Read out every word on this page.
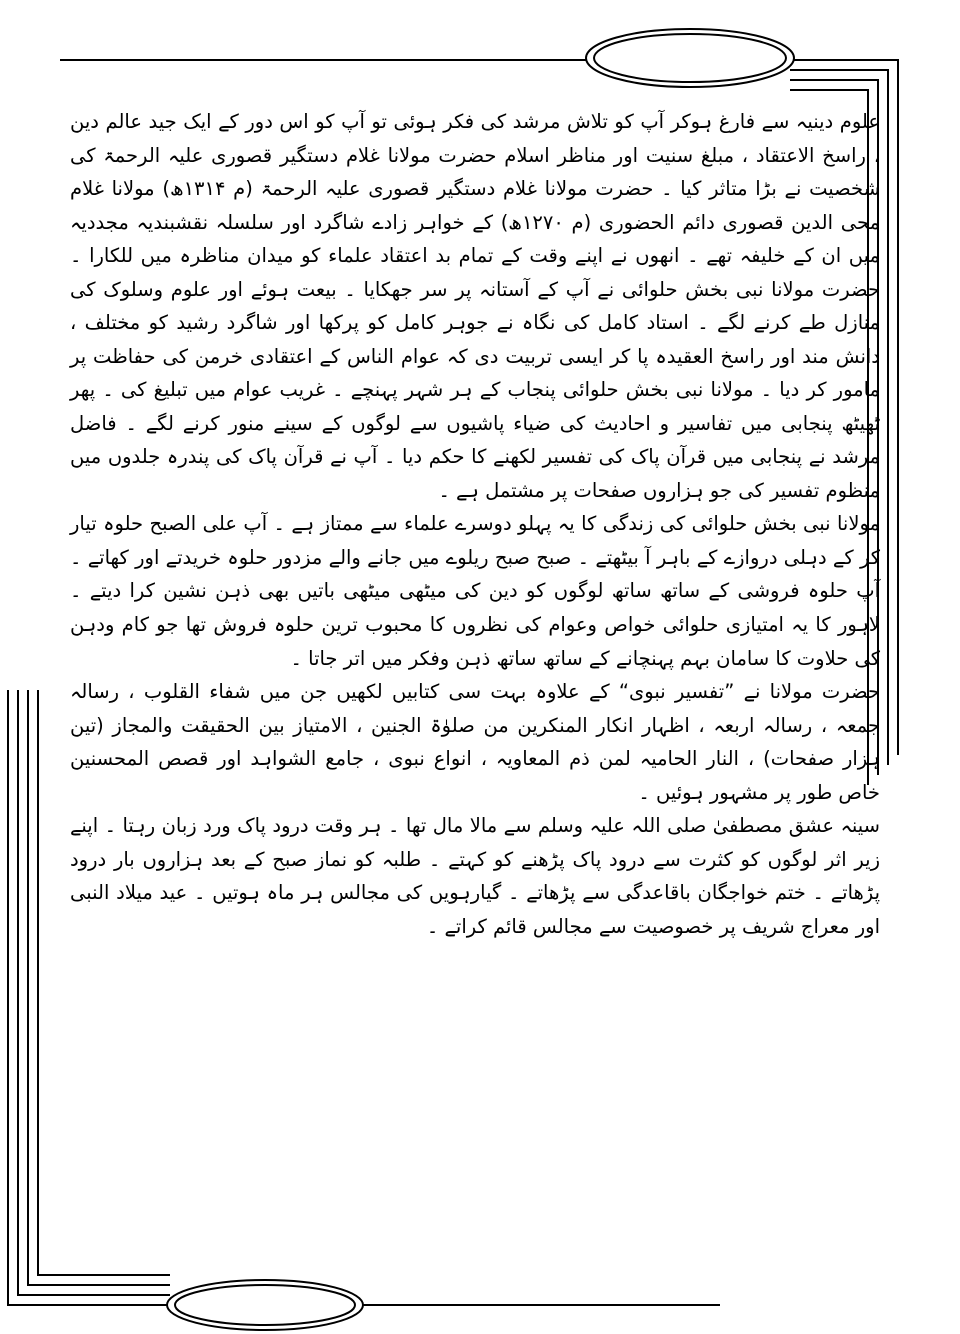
علوم دینیہ سے فارغ ہوکر آپ کو تلاش مرشد کی فکر ہوئی تو آپ کو اس دور کے ایک جید عالم دین ، راسخ الاعتقاد ، مبلغ سنیت اور مناظر اسلام حضرت مولانا غلام دستگیر قصوری علیہ الرحمۃ کی شخصیت نے بڑا متاثر کیا ۔ حضرت مولانا غلام دستگیر قصوری علیہ الرحمۃ (م ۱۳۱۴ھ) مولانا غلام محی الدین قصوری دائم الحضوری (م ۱۲۷۰ھ) کے خواہر زادے شاگرد اور سلسلہ نقشبندیہ مجددیہ میں ان کے خلیفہ تھے ۔ انھوں نے اپنے وقت کے تمام بد اعتقاد علماء کو میدان مناظرہ میں للکارا ۔ حضرت مولانا نبی بخش حلوائی نے آپ کے آستانہ پر سر جھکایا ۔ بیعت ہوئے اور علوم وسلوک کی منازل طے کرنے لگے ۔ استاد کامل کی نگاہ نے جوہر کامل کو پرکھا اور شاگرد رشید کو مختلف ، دانش مند اور راسخ العقیدہ پا کر ایسی تربیت دی کہ عوام الناس کے اعتقادی خرمن کی حفاظت پر مامور کر دیا ۔ مولانا نبی بخش حلوائی پنجاب کے ہر شہر پہنچے ۔ غریب عوام میں تبلیغ کی ۔ پھر ٹھیٹھ پنجابی میں تفاسیر و احادیث کی ضیاء پاشیوں سے لوگوں کے سینے منور کرنے لگے ۔ فاضل مرشد نے پنجابی میں قرآن پاک کی تفسیر لکھنے کا حکم دیا ۔ آپ نے قرآن پاک کی پندرہ جلدوں میں منظوم تفسیر کی جو ہزاروں صفحات پر مشتمل ہے ۔

مولانا نبی بخش حلوائی کی زندگی کا یہ پہلو دوسرے علماء سے ممتاز ہے ۔ آپ علی الصبح حلوہ تیار کر کے دہلی دروازے کے باہر آ بیٹھتے ۔ صبح صبح ریلوے میں جانے والے مزدور حلوہ خریدتے اور کھاتے ۔ آپ حلوہ فروشی کے ساتھ ساتھ لوگوں کو دین کی میٹھی میٹھی باتیں بھی ذہن نشین کرا دیتے ۔ لاہور کا یہ امتیازی حلوائی خواص وعوام کی نظروں کا محبوب ترین حلوہ فروش تھا جو کام ودہن کی حلاوت کا سامان بہم پہنچانے کے ساتھ ساتھ ذہن وفکر میں اتر جاتا ۔

حضرت مولانا نے ”تفسیر نبوی“ کے علاوہ بہت سی کتابیں لکھیں جن میں شفاء القلوب ، رسالہ جمعہ ، رسالہ اربعہ ، اظہار انکار المنکرین من صلوٰۃ الجنین ، الامتیاز بین الحقیقت والمجاز (تین ہزار صفحات) ، النار الحامیہ لمن ذم المعاویہ ، انواع نبوی ، جامع الشواہد اور قصص المحسنین خاص طور پر مشہور ہوئیں ۔

سینہ عشق مصطفیٰ صلی اللہ علیہ وسلم سے مالا مال تھا ۔ ہر وقت درود پاک ورد زبان رہتا ۔ اپنے زیر اثر لوگوں کو کثرت سے درود پاک پڑھنے کو کہتے ۔ طلبہ کو نماز صبح کے بعد ہزاروں بار درود پڑھاتے ۔ ختم خواجگان باقاعدگی سے پڑھاتے ۔ گیارہویں کی مجالس ہر ماہ ہوتیں ۔ عید میلاد النبی اور معراج شریف پر خصوصیت سے مجالس قائم کراتے ۔
